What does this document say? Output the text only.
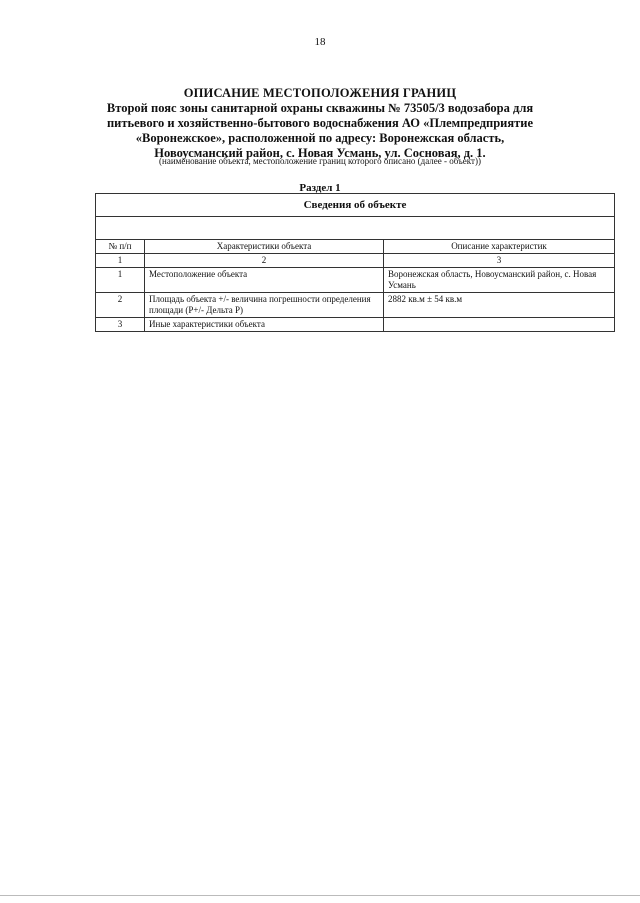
18
ОПИСАНИЕ МЕСТОПОЛОЖЕНИЯ ГРАНИЦ
Второй пояс зоны санитарной охраны скважины № 73505/3 водозабора для питьевого и хозяйственно-бытового водоснабжения АО «Племпредприятие «Воронежское», расположенной по адресу: Воронежская область, Новоусманский район, с. Новая Усмань, ул. Сосновая, д. 1.
(наименование объекта, местоположение границ которого описано (далее - объект))
Раздел 1
Сведения об объекте		

№ п/п	Характеристики объекта	Описание характеристик
1	2	3
1	Местоположение объекта	Воронежская область, Новоусманский район, с. Новая Усмань
2	Площадь объекта +/- величина погрешности определения площади (Р+/- Дельта Р)	2882 кв.м ± 54 кв.м
3	Иные характеристики объекта	
